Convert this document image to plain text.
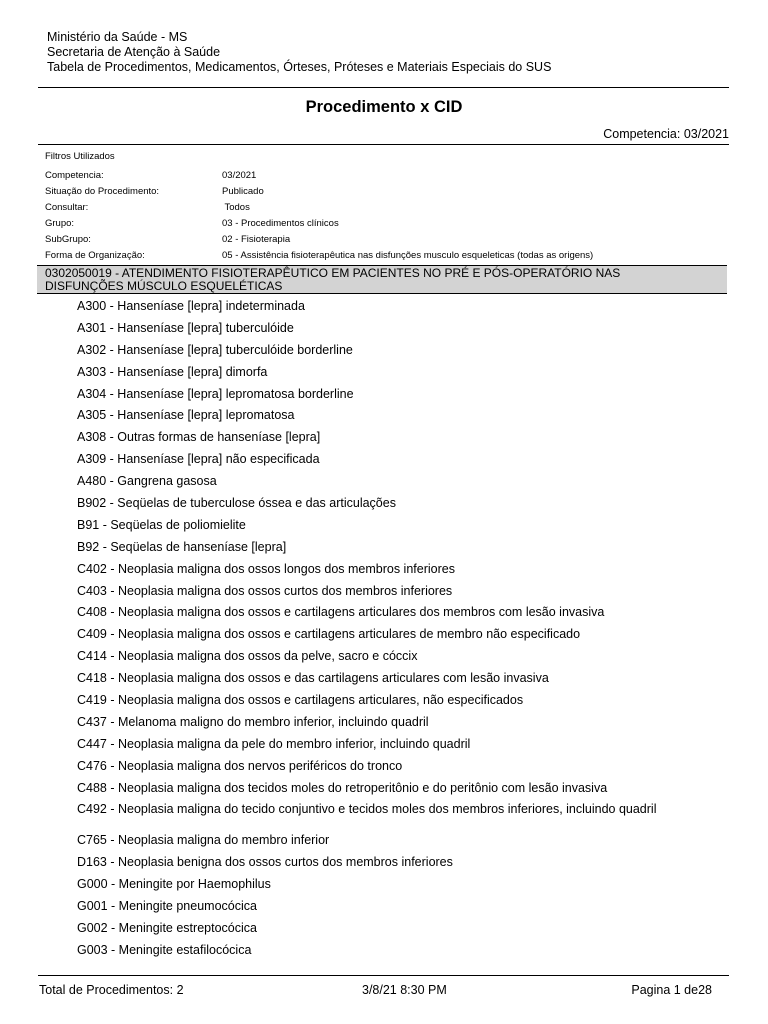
Ministério da Saúde - MS
Secretaria de Atenção à Saúde
Tabela de Procedimentos, Medicamentos, Órteses, Próteses e Materiais Especiais do SUS
Procedimento x CID
Competencia: 03/2021
Filtros Utilizados
Competencia:	03/2021
Situação do Procedimento:	Publicado
Consultar:	Todos
Grupo:	03 - Procedimentos clínicos
SubGrupo:	02 - Fisioterapia
Forma de Organização:	05 - Assistência fisioterapêutica nas disfunções musculo esqueleticas (todas as origens)
0302050019 - ATENDIMENTO FISIOTERAPÊUTICO EM PACIENTES NO PRÉ E PÓS-OPERATÓRIO NAS
DISFUNÇÕES MÚSCULO ESQUELÉTICAS
A300 - Hanseníase [lepra] indeterminada
A301 - Hanseníase [lepra] tuberculóide
A302 - Hanseníase [lepra] tuberculóide borderline
A303 - Hanseníase [lepra] dimorfa
A304 - Hanseníase [lepra] lepromatosa borderline
A305 - Hanseníase [lepra] lepromatosa
A308 - Outras formas de hanseníase [lepra]
A309 - Hanseníase [lepra] não especificada
A480 - Gangrena gasosa
B902 - Seqüelas de tuberculose óssea e das articulações
B91 - Seqüelas de poliomielite
B92 - Seqüelas de hanseníase [lepra]
C402 - Neoplasia maligna dos ossos longos dos membros inferiores
C403 - Neoplasia maligna dos ossos curtos dos membros inferiores
C408 - Neoplasia maligna dos ossos e cartilagens articulares dos membros com lesão invasiva
C409 - Neoplasia maligna dos ossos e cartilagens articulares de membro não especificado
C414 - Neoplasia maligna dos ossos da pelve, sacro e cóccix
C418 - Neoplasia maligna dos ossos e das cartilagens articulares com lesão invasiva
C419 - Neoplasia maligna dos ossos e cartilagens articulares, não especificados
C437 - Melanoma maligno do membro inferior, incluindo quadril
C447 - Neoplasia maligna da pele do membro inferior, incluindo quadril
C476 - Neoplasia maligna dos nervos periféricos do tronco
C488 - Neoplasia maligna dos tecidos moles do retroperitônio e do peritônio com lesão invasiva
C492 - Neoplasia maligna do tecido conjuntivo e tecidos moles dos membros inferiores, incluindo quadril
C765 - Neoplasia maligna do membro inferior
D163 - Neoplasia benigna dos ossos curtos dos membros inferiores
G000 - Meningite por Haemophilus
G001 - Meningite pneumocócica
G002 - Meningite estreptocócica
G003 - Meningite estafilocócica
Total de Procedimentos: 2	3/8/21 8:30 PM	Pagina 1 de28
